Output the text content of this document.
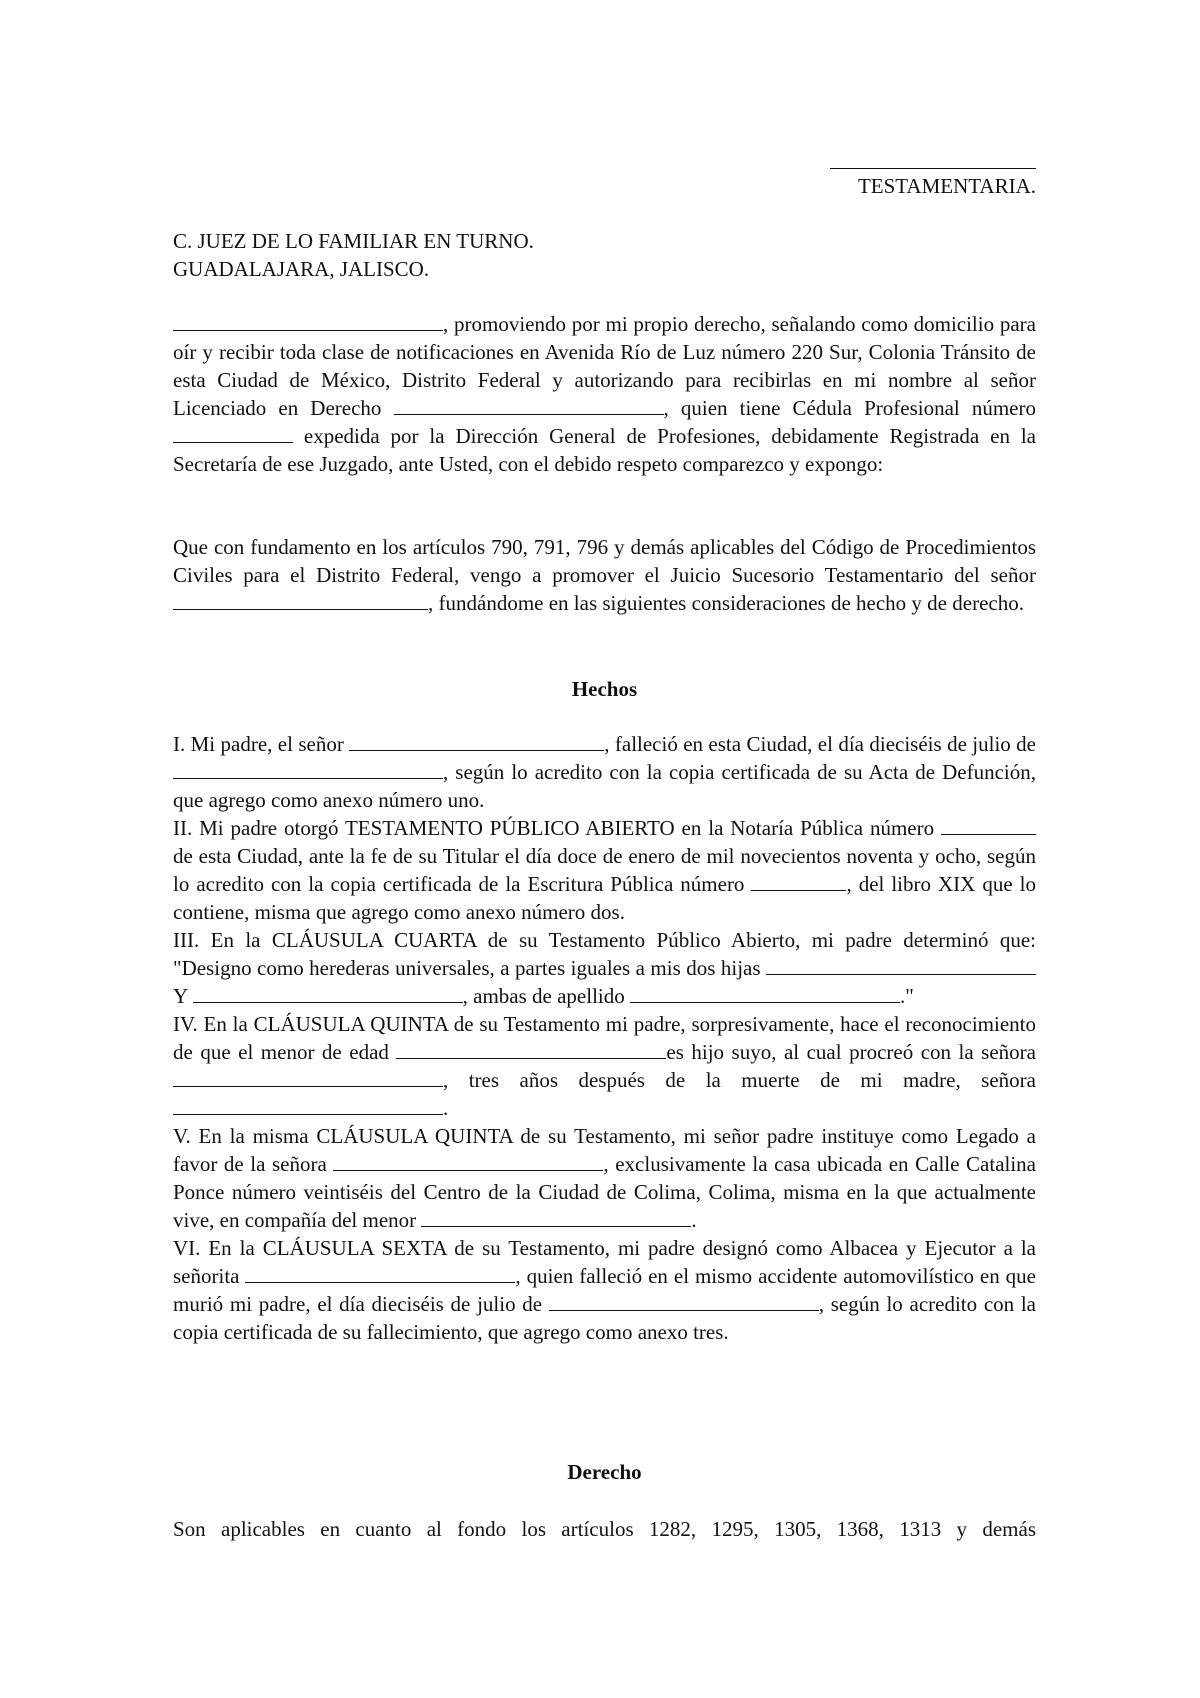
TESTAMENTARIA.

C. JUEZ DE LO FAMILIAR EN TURNO.

GUADALAJARA, JALISCO.

, promoviendo por mi propio derecho, señalando como domicilio para oír y recibir toda clase de notificaciones en Avenida Río de Luz número 220 Sur, Colonia Tránsito de esta Ciudad de México, Distrito Federal y autorizando para recibirlas en mi nombre al señor Licenciado en Derecho	, quien tiene Cédula Profesional número  expedida por la Dirección General de Profesiones, debidamente Registrada en la Secretaría de ese Juzgado, ante Usted, con el debido respeto comparezco y expongo:

Que con fundamento en los artículos 790, 791, 796 y demás aplicables del Código de Procedimientos Civiles para el Distrito Federal, vengo a promover el Juicio Sucesorio Testamentario del señor , fundándome en las siguientes consideraciones de hecho y de derecho.

Hechos

I. Mi padre, el señor	, falleció en esta Ciudad, el día dieciséis de julio de , según lo acredito con la copia certificada de su Acta de Defunción, que agrego como anexo número uno.

II. Mi padre otorgó TESTAMENTO PÚBLICO ABIERTO en la Notaría Pública número  de esta Ciudad, ante la fe de su Titular el día doce de enero de mil novecientos noventa y ocho, según lo acredito con la copia certificada de la Escritura Pública número	, del libro XIX que lo contiene, misma que agrego como anexo número dos.

III. En la CLÁUSULA CUARTA de su Testamento Público Abierto, mi padre determinó que: "Designo como herederas universales, a partes iguales a mis dos hijas Y	, ambas de apellido	."

IV. En la CLÁUSULA QUINTA de su Testamento mi padre, sorpresivamente, hace el reconocimiento de que el menor de edad	es hijo suyo, al cual procreó con la señora , tres años después de la muerte de mi madre, señora .

V. En la misma CLÁUSULA QUINTA de su Testamento, mi señor padre instituye como Legado a favor de la señora	, exclusivamente la casa ubicada en Calle Catalina Ponce número veintiséis del Centro de la Ciudad de Colima, Colima, misma en la que actualmente vive, en compañía del menor	.

VI. En la CLÁUSULA SEXTA de su Testamento, mi padre designó como Albacea y Ejecutor a la señorita	, quien falleció en el mismo accidente automovilístico en que murió mi padre, el día dieciséis de julio de	, según lo acredito con la copia certificada de su fallecimiento, que agrego como anexo tres.

Derecho

Son aplicables en cuanto al fondo los artículos 1282, 1295, 1305, 1368, 1313 y demás
